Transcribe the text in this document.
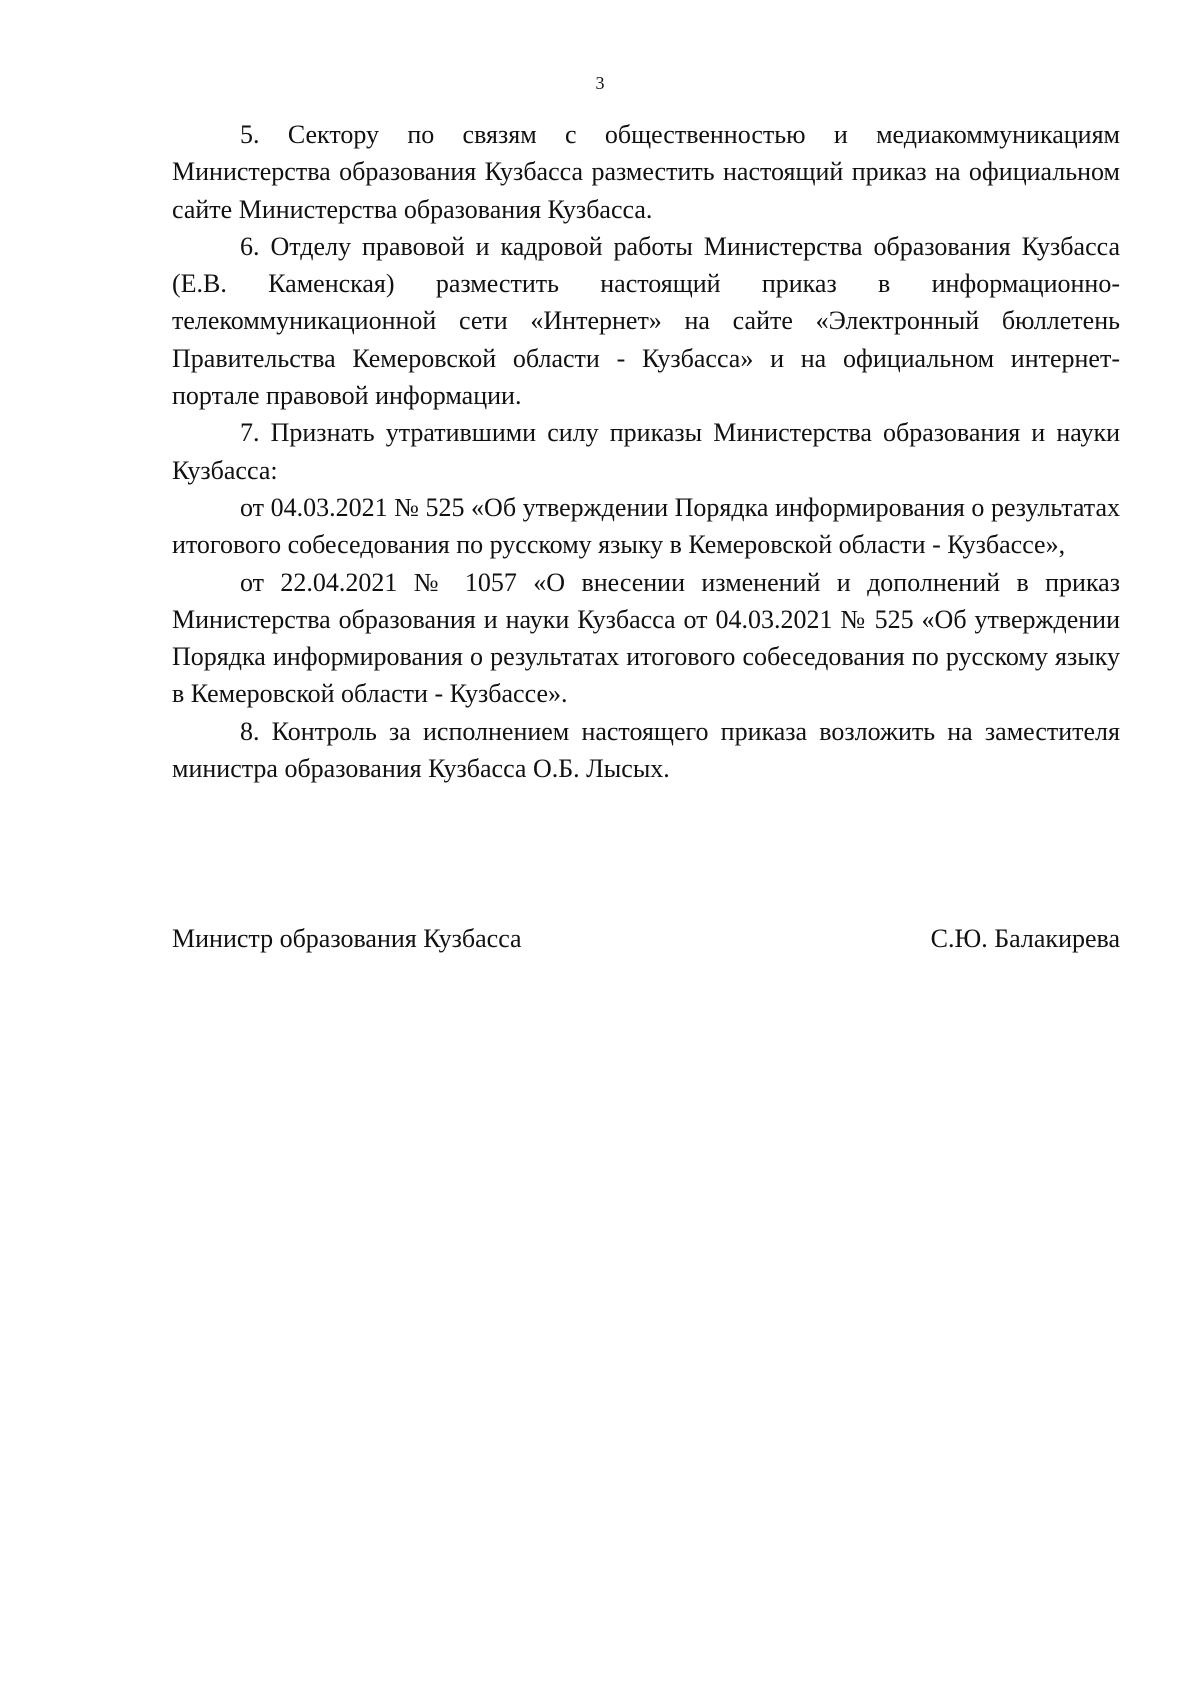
3

5. Сектору по связям с общественностью и медиакоммуникациям Министерства образования Кузбасса разместить настоящий приказ на официальном сайте Министерства образования Кузбасса.

6. Отделу правовой и кадровой работы Министерства образования Кузбасса (Е.В. Каменская) разместить настоящий приказ в информационно-телекоммуникационной сети «Интернет» на сайте «Электронный бюллетень Правительства Кемеровской области - Кузбасса» и на официальном интернет-портале правовой информации.

7. Признать утратившими силу приказы Министерства образования и науки Кузбасса:

от 04.03.2021 № 525 «Об утверждении Порядка информирования о результатах итогового собеседования по русскому языку в Кемеровской области - Кузбассе»,

от 22.04.2021 № 1057 «О внесении изменений и дополнений в приказ Министерства образования и науки Кузбасса от 04.03.2021 № 525 «Об утверждении Порядка информирования о результатах итогового собеседования по русскому языку в Кемеровской области - Кузбассе».

8. Контроль за исполнением настоящего приказа возложить на заместителя министра образования Кузбасса О.Б. Лысых.

Министр образования Кузбасса	С.Ю. Балакирева
